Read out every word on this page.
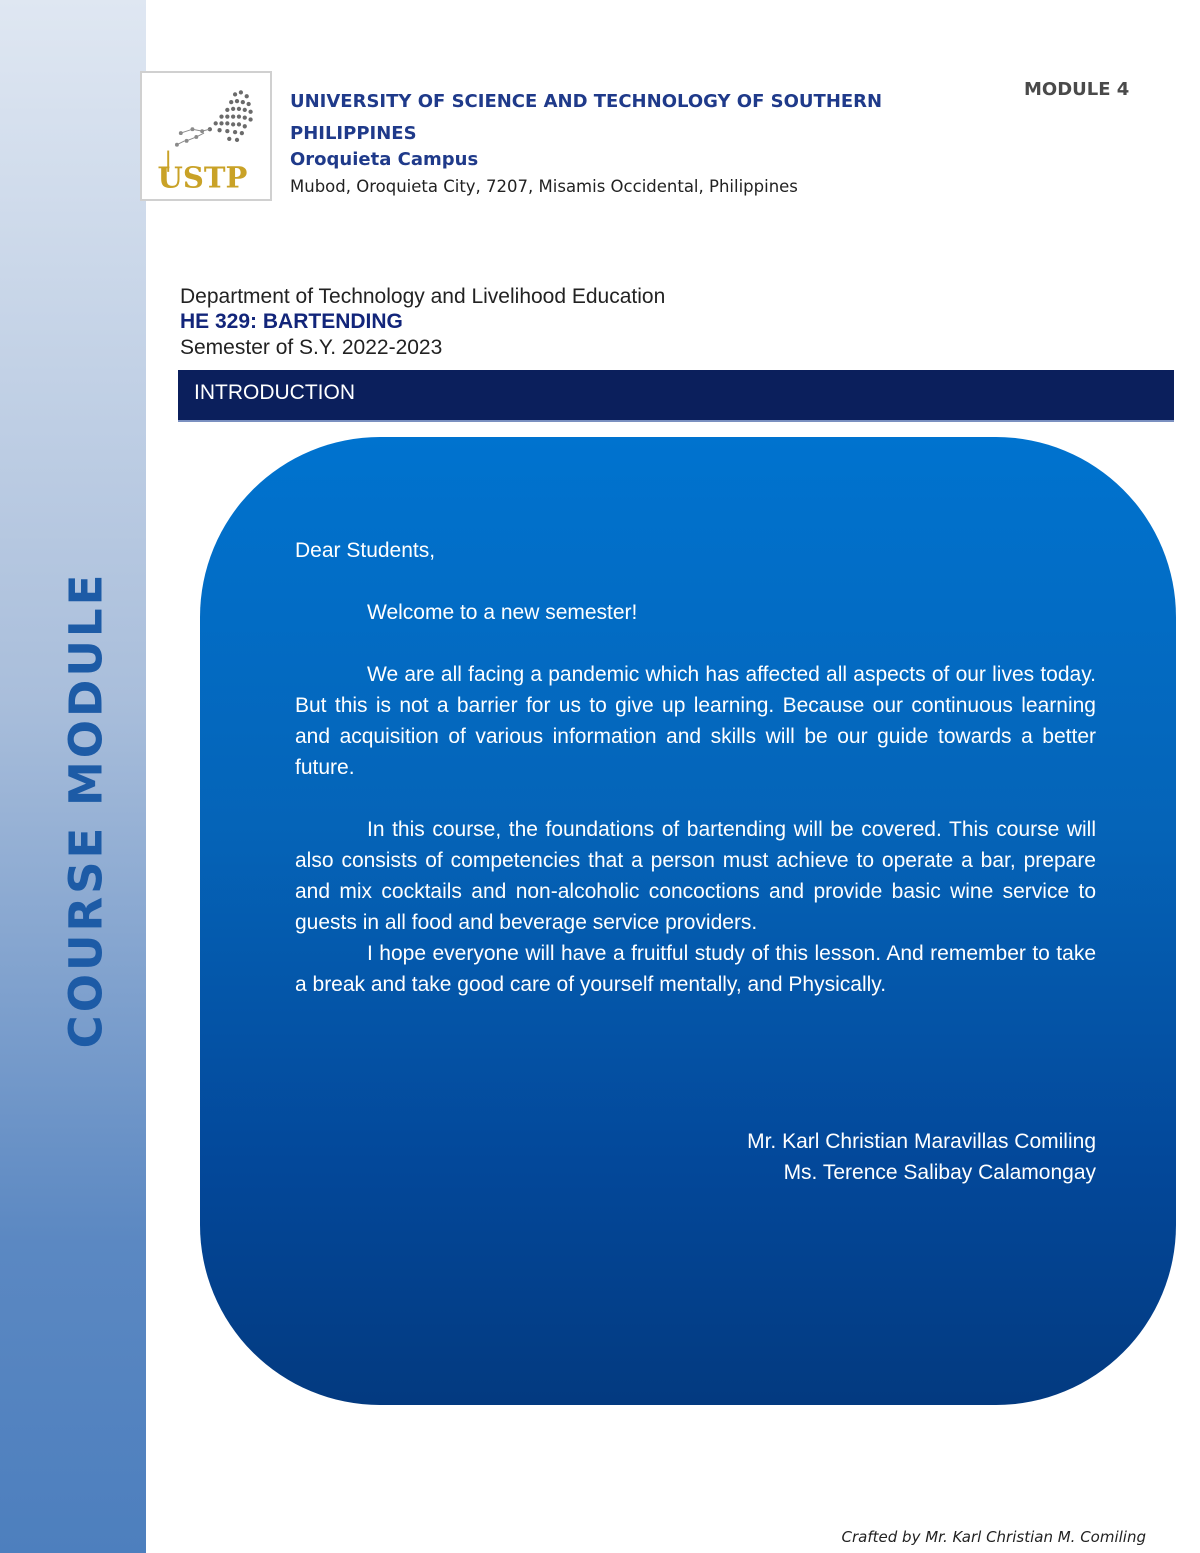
COURSE MODULE
USTP
UNIVERSITY OF SCIENCE AND TECHNOLOGY OF SOUTHERN PHILIPPINES
Oroquieta Campus
Mubod, Oroquieta City, 7207, Misamis Occidental, Philippines
MODULE 4
Department of Technology and Livelihood Education
HE 329: BARTENDING
Semester of S.Y. 2022-2023
INTRODUCTION

Dear Students,

Welcome to a new semester!

We are all facing a pandemic which has affected all aspects of our lives today. But this is not a barrier for us to give up learning. Because our continuous learning and acquisition of various information and skills will be our guide towards a better future.

In this course, the foundations of bartending will be covered. This course will also consists of competencies that a person must achieve to operate a bar, prepare and mix cocktails and non-alcoholic concoctions and provide basic wine service to guests in all food and beverage service providers.

I hope everyone will have a fruitful study of this lesson. And remember to take a break and take good care of yourself mentally, and Physically.

Mr. Karl Christian Maravillas Comiling
Ms. Terence Salibay Calamongay
Crafted by Mr. Karl Christian M. Comiling
